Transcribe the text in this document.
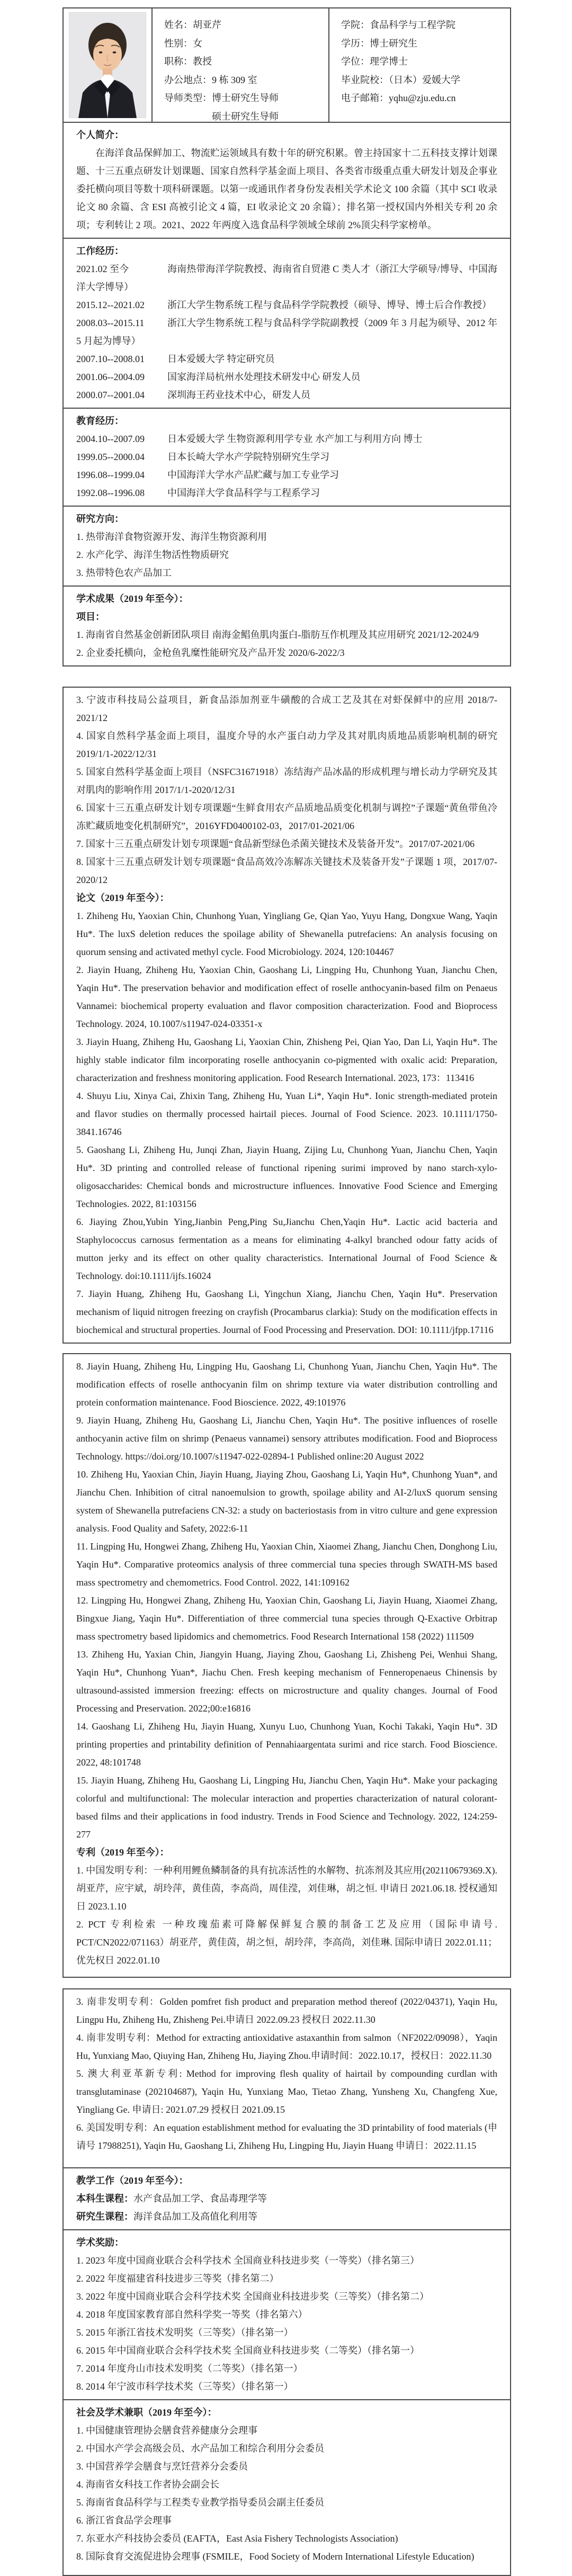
姓名：胡亚芹
性别：女
职称：教授
办公地点：9 栋 309 室
导师类型：博士研究生导师
硕士研究生导师
学院：食品科学与工程学院
学历：博士研究生
学位：理学博士
毕业院校：（日本）爱媛大学
电子邮箱：yqhu@zju.edu.cn

个人简介：

在海洋食品保鲜加工、物流贮运领域具有数十年的研究积累。曾主持国家十二五科技支撑计划课题、十三五重点研发计划课题、国家自然科学基金面上项目、各类省市级重点重大研发计划及企事业委托横向项目等数十项科研课题。以第一或通讯作者身份发表相关学术论文 100 余篇（其中 SCI 收录论文 80 余篇、含 ESI 高被引论文 4 篇，EI 收录论文 20 余篇）；排名第一授权国内外相关专利 20 余项；专利转让 2 项。2021、2022 年两度入选食品科学领域全球前 2%顶尖科学家榜单。

工作经历：

2021.02 至今	海南热带海洋学院教授、海南省自贸港 C 类人才（浙江大学硕导/博导、中国海洋大学博导）

2015.12--2021.02 浙江大学生物系统工程与食品科学学院教授（硕导、博导、博士后合作教授）

2008.03--2015.11 浙江大学生物系统工程与食品科学学院副教授（2009 年 3 月起为硕导、2012 年 5 月起为博导）

2007.10--2008.01 日本爱媛大学 特定研究员

2001.06--2004.09 国家海洋局杭州水处理技术研发中心 研发人员

2000.07--2001.04 深圳海王药业技术中心，研发人员

教育经历：

2004.10--2007.09 日本爱媛大学 生物资源利用学专业 水产加工与利用方向 博士

1999.05--2000.04 日本长崎大学水产学院特别研究生学习

1996.08--1999.04 中国海洋大学水产品贮藏与加工专业学习

1992.08--1996.08 中国海洋大学食品科学与工程系学习

研究方向：

1. 热带海洋食物资源开发、海洋生物资源利用

2. 水产化学、海洋生物活性物质研究

3. 热带特色农产品加工

学术成果（2019 年至今）：

项目：

1. 海南省自然基金创新团队项目 南海金鲳鱼肌肉蛋白-脂肪互作机理及其应用研究 2021/12-2024/9

2. 企业委托横向，金枪鱼乳糜性能研究及产品开发 2020/6-2022/3

3. 宁波市科技局公益项目，新食品添加剂亚牛磺酸的合成工艺及其在对虾保鲜中的应用 2018/7-2021/12

4. 国家自然科学基金面上项目，温度介导的水产蛋白动力学及其对肌肉质地品质影响机制的研究 2019/1/1-2022/12/31

5. 国家自然科学基金面上项目（NSFC31671918）冻结海产品冰晶的形成机理与增长动力学研究及其对肌肉的影响作用 2017/1/1-2020/12/31

6. 国家十三五重点研发计划专项课题“生鲜食用农产品质地品质变化机制与调控”子课题“黄鱼带鱼冷冻贮藏质地变化机制研究”，2016YFD0400102-03，2017/01-2021/06

7. 国家十三五重点研发计划专项课题“食品新型绿色杀菌关键技术及装备开发”。2017/07-2021/06

8. 国家十三五重点研发计划专项课题“食品高效冷冻解冻关键技术及装备开发”子课题 1 项，2017/07-2020/12

论文（2019 年至今）：

1. Zhiheng Hu, Yaoxian Chin, Chunhong Yuan, Yingliang Ge, Qian Yao, Yuyu Hang, Dongxue Wang, Yaqin Hu*. The luxS deletion reduces the spoilage ability of Shewanella putrefaciens: An analysis focusing on quorum sensing and activated methyl cycle. Food Microbiology. 2024, 120:104467

2. Jiayin Huang, Zhiheng Hu, Yaoxian Chin, Gaoshang Li, Lingping Hu, Chunhong Yuan, Jianchu Chen, Yaqin Hu*. The preservation behavior and modification effect of roselle anthocyanin-based film on Penaeus Vannamei: biochemical property evaluation and flavor composition characterization. Food and Bioprocess Technology. 2024, 10.1007/s11947-024-03351-x

3. Jiayin Huang, Zhiheng Hu, Gaoshang Li, Yaoxian Chin, Zhisheng Pei, Qian Yao, Dan Li, Yaqin Hu*. The highly stable indicator film incorporating roselle anthocyanin co-pigmented with oxalic acid: Preparation, characterization and freshness monitoring application. Food Research International. 2023, 173：113416

4. Shuyu Liu, Xinya Cai, Zhixin Tang, Zhiheng Hu, Yuan Li*, Yaqin Hu*. Ionic strength-mediated protein and flavor studies on thermally processed hairtail pieces. Journal of Food Science. 2023. 10.1111/1750-3841.16746

5. Gaoshang Li, Zhiheng Hu, Junqi Zhan, Jiayin Huang, Zijing Lu, Chunhong Yuan, Jianchu Chen, Yaqin Hu*. 3D printing and controlled release of functional ripening surimi improved by nano starch-xylo-oligosaccharides: Chemical bonds and microstructure influences. Innovative Food Science and Emerging Technologies. 2022, 81:103156

6. Jiaying Zhou,Yubin Ying,Jianbin Peng,Ping Su,Jianchu Chen,Yaqin Hu*. Lactic acid bacteria and Staphylococcus carnosus fermentation as a means for eliminating 4-alkyl branched odour fatty acids of mutton jerky and its effect on other quality characteristics. International Journal of Food Science & Technology. doi:10.1111/ijfs.16024

7. Jiayin Huang, Zhiheng Hu, Gaoshang Li, Yingchun Xiang, Jianchu Chen, Yaqin Hu*. Preservation mechanism of liquid nitrogen freezing on crayfish (Procambarus clarkia): Study on the modification effects in biochemical and structural properties. Journal of Food Processing and Preservation. DOI: 10.1111/jfpp.17116

8. Jiayin Huang, Zhiheng Hu, Lingping Hu, Gaoshang Li, Chunhong Yuan, Jianchu Chen, Yaqin Hu*. The modification effects of roselle anthocyanin film on shrimp texture via water distribution controlling and protein conformation maintenance. Food Bioscience. 2022, 49:101976

9. Jiayin Huang, Zhiheng Hu, Gaoshang Li, Jianchu Chen, Yaqin Hu*. The positive influences of roselle anthocyanin active film on shrimp (Penaeus vannamei) sensory attributes modification. Food and Bioprocess Technology. https://doi.org/10.1007/s11947-022-02894-1 Published online:20 August 2022

10. Zhiheng Hu, Yaoxian Chin, Jiayin Huang, Jiaying Zhou, Gaoshang Li, Yaqin Hu*, Chunhong Yuan*, and Jianchu Chen. Inhibition of citral nanoemulsion to growth, spoilage ability and AI-2/luxS quorum sensing system of Shewanella putrefaciens CN-32: a study on bacteriostasis from in vitro culture and gene expression analysis. Food Quality and Safety, 2022:6-11

11. Lingping Hu, Hongwei Zhang, Zhiheng Hu, Yaoxian Chin, Xiaomei Zhang, Jianchu Chen, Donghong Liu, Yaqin Hu*. Comparative proteomics analysis of three commercial tuna species through SWATH-MS based mass spectrometry and chemometrics. Food Control. 2022, 141:109162

12. Lingping Hu, Hongwei Zhang, Zhiheng Hu, Yaoxian Chin, Gaoshang Li, Jiayin Huang, Xiaomei Zhang, Bingxue Jiang, Yaqin Hu*. Differentiation of three commercial tuna species through Q-Exactive Orbitrap mass spectrometry based lipidomics and chemometrics. Food Research International 158 (2022) 111509

13. Zhiheng Hu, Yaxian Chin, Jiangyin Huang, Jiaying Zhou, Gaoshang Li, Zhisheng Pei, Wenhui Shang, Yaqin Hu*, Chunhong Yuan*, Jiachu Chen. Fresh keeping mechanism of Fenneropenaeus Chinensis by ultrasound-assisted immersion freezing: effects on microstructure and quality changes. Journal of Food Processing and Preservation. 2022;00:e16816

14. Gaoshang Li, Zhiheng Hu, Jiayin Huang, Xunyu Luo, Chunhong Yuan, Kochi Takaki, Yaqin Hu*. 3D printing properties and printability definition of Pennahiaargentata surimi and rice starch. Food Bioscience. 2022, 48:101748

15. Jiayin Huang, Zhiheng Hu, Gaoshang Li, Lingping Hu, Jianchu Chen, Yaqin Hu*. Make your packaging colorful and multifunctional: The molecular interaction and properties characterization of natural colorant-based films and their applications in food industry. Trends in Food Science and Technology. 2022, 124:259-277

专利（2019 年至今）：

1. 中国发明专利：一种利用鲤鱼鳞制备的具有抗冻活性的水解物、抗冻剂及其应用(202110679369.X). 胡亚芹，应宇斌，胡玲萍，黄佳茵，李高尚，周佳滢，刘佳琳，胡之恒. 申请日 2021.06.18. 授权通知日 2023.1.10

2. PCT 专利检索 一种玫瑰茄素可降解保鲜复合膜的制备工艺及应用（国际申请号. PCT/CN2022/071163）胡亚芹，黄佳茵，胡之恒，胡玲萍，李高尚，刘佳琳. 国际申请日 2022.01.11；优先权日 2022.01.10

3. 南非发明专利：Golden pomfret fish product and preparation method thereof (2022/04371), Yaqin Hu, Lingpu Hu, Zhiheng Hu, Zhisheng Pei.申请日 2022.09.23 授权日 2022.11.30

4. 南非发明专利：Method for extracting antioxidative astaxanthin from salmon（NF2022/09098），Yaqin Hu, Yunxiang Mao, Qiuying Han, Zhiheng Hu, Jiaying Zhou.申请时间：2022.10.17，授权日：2022.11.30

5. 澳大利亚革新专利: Method for improving flesh quality of hairtail by compounding curdlan with transglutaminase (202104687), Yaqin Hu, Yunxiang Mao, Tietao Zhang, Yunsheng Xu, Changfeng Xue, Yingliang Ge. 申请日: 2021.07.29 授权日 2021.09.15

6. 美国发明专利：An equation establishment method for evaluating the 3D printability of food materials (申请号 17988251), Yaqin Hu, Gaoshang Li, Zhiheng Hu, Lingping Hu, Jiayin Huang 申请日：2022.11.15

教学工作（2019 年至今）：

本科生课程：水产食品加工学、食品毒理学等

研究生课程：海洋食品加工及高值化利用等

学术奖励：

1. 2023 年度中国商业联合会科学技术 全国商业科技进步奖（一等奖）（排名第三）

2. 2022 年度福建省科技进步三等奖（排名第二）

3. 2022 年度中国商业联合会科学技术奖 全国商业科技进步奖（三等奖）（排名第二）

4. 2018 年度国家教育部自然科学奖一等奖（排名第六）

5. 2015 年浙江省技术发明奖（三等奖）（排名第一）

6. 2015 年中国商业联合会科学技术奖 全国商业科技进步奖（二等奖）（排名第一）

7. 2014 年度舟山市技术发明奖（二等奖）（排名第一）

8. 2014 年宁波市科学技术奖（三等奖）（排名第一）

社会及学术兼职（2019 年至今）：

1. 中国健康管理协会膳食营养健康分会理事

2. 中国水产学会高级会员、水产品加工和综合利用分会委员

3. 中国营养学会膳食与烹饪营养分会委员

4. 海南省女科技工作者协会副会长

5. 海南省食品科学与工程类专业教学指导委员会副主任委员

6. 浙江省食品学会理事

7. 东亚水产科技协会委员 (EAFTA，East Asia Fishery Technologists Association)

8. 国际食育交流促进协会理事 (FSMILE，Food Society of Modern International Lifestyle Education)
